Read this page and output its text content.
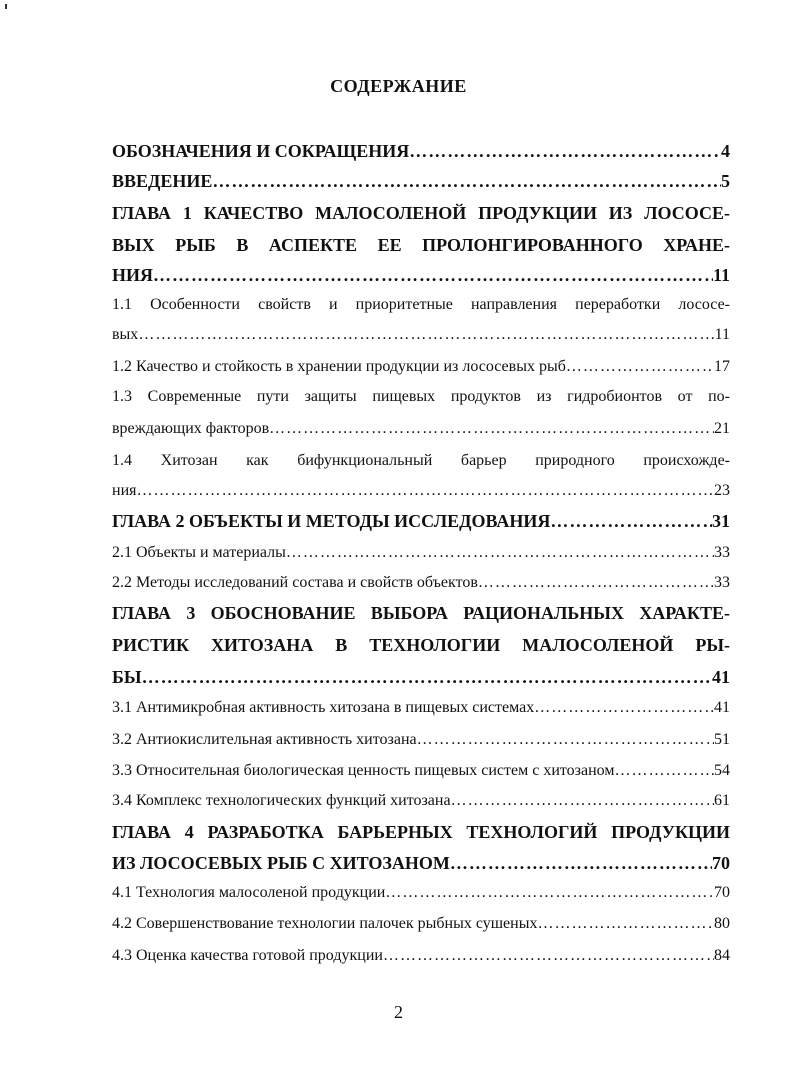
СОДЕРЖАНИЕ
ОБОЗНАЧЕНИЯ И СОКРАЩЕНИЯ …………………………………………………………………………………………………………………………………………………………………………	4
ВВЕДЕНИЕ …………………………………………………………………………………………………………………………………………………………………………	5
ГЛАВА 1 КАЧЕСТВО МАЛОСОЛЕНОЙ ПРОДУКЦИИ ИЗ ЛОСОСЕ-
ВЫХ РЫБ В АСПЕКТЕ ЕЕ ПРОЛОНГИРОВАННОГО ХРАНЕ-
НИЯ …………………………………………………………………………………………………………………………………………………………………………	11
1.1 Особенности свойств и приоритетные направления переработки лососе-
вых …………………………………………………………………………………………………………………………………………………………………………	11
1.2 Качество и стойкость в хранении продукции из лососевых рыб …………………………………………………………………………………………………………………………………………………………………………	17
1.3 Современные пути защиты пищевых продуктов из гидробионтов от по-
вреждающих факторов …………………………………………………………………………………………………………………………………………………………………………	21
1.4 Хитозан как бифункциональный барьер природного происхожде-
ния …………………………………………………………………………………………………………………………………………………………………………	23
ГЛАВА 2 ОБЪЕКТЫ И МЕТОДЫ ИССЛЕДОВАНИЯ …………………………………………………………………………………………………………………………………………………………………………	31
2.1 Объекты и материалы …………………………………………………………………………………………………………………………………………………………………………	33
2.2 Методы исследований состава и свойств объектов …………………………………………………………………………………………………………………………………………………………………………	33
ГЛАВА 3 ОБОСНОВАНИЕ ВЫБОРА РАЦИОНАЛЬНЫХ ХАРАКТЕ-
РИСТИК ХИТОЗАНА В ТЕХНОЛОГИИ МАЛОСОЛЕНОЙ РЫ-
БЫ …………………………………………………………………………………………………………………………………………………………………………	41
3.1 Антимикробная активность хитозана в пищевых системах …………………………………………………………………………………………………………………………………………………………………………	41
3.2 Антиокислительная активность хитозана …………………………………………………………………………………………………………………………………………………………………………	51
3.3 Относительная биологическая ценность пищевых систем с хитозаном …………………………………………………………………………………………………………………………………………………………………………	54
3.4 Комплекс технологических функций хитозана …………………………………………………………………………………………………………………………………………………………………………	61
ГЛАВА 4 РАЗРАБОТКА БАРЬЕРНЫХ ТЕХНОЛОГИЙ ПРОДУКЦИИ
ИЗ ЛОСОСЕВЫХ РЫБ С ХИТОЗАНОМ …………………………………………………………………………………………………………………………………………………………………………	70
4.1 Технология малосоленой продукции …………………………………………………………………………………………………………………………………………………………………………	70
4.2 Совершенствование технологии палочек рыбных сушеных …………………………………………………………………………………………………………………………………………………………………………	80
4.3 Оценка качества готовой продукции …………………………………………………………………………………………………………………………………………………………………………	84
2
